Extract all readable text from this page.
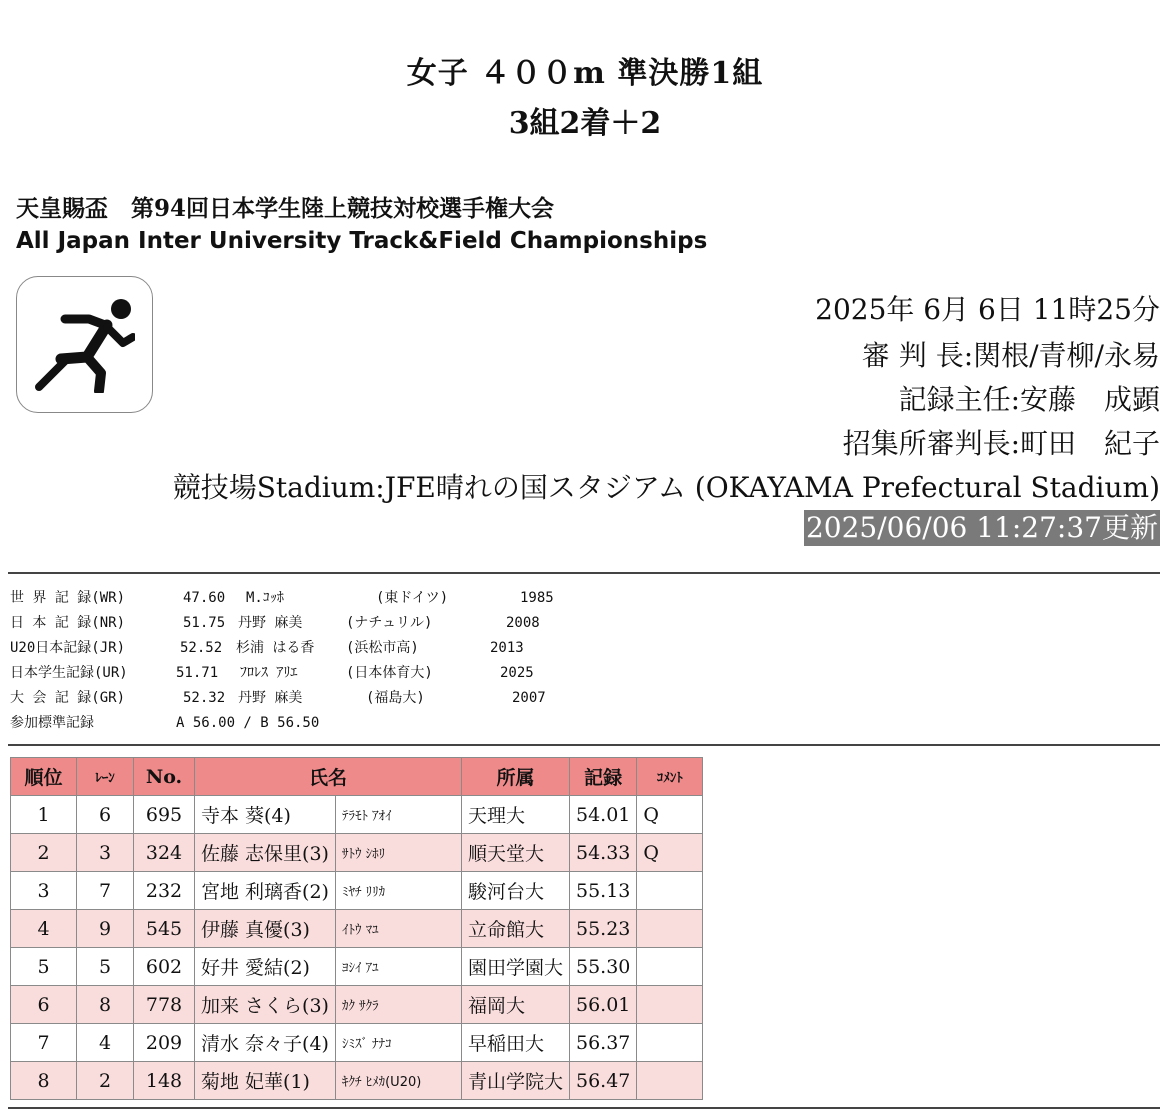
女子 ４００m 準決勝1組
3組2着＋2
天皇賜盃　第94回日本学生陸上競技対校選手権大会
All Japan Inter University Track&Field Championships
2025年 6月 6日 11時25分
審 判 長:関根/青柳/永易
記録主任:安藤　成顕
招集所審判長:町田　紀子
競技場Stadium:JFE晴れの国スタジアム (OKAYAMA Prefectural Stadium)
2025/06/06 11:27:37更新
世 界 記 録(WR)	47.60 M.ｺｯﾎ	(東ドイツ)	1985
日 本 記 録(NR)	51.75 丹野 麻美	(ナチュリル)	2008
U20日本記録(JR)	52.52 杉浦 はる香 (浜松市高)	2013
日本学生記録(UR)	51.71 ﾌﾛﾚｽ ｱﾘｴ	(日本体育大)	2025
大 会 記 録(GR)	52.32 丹野 麻美	(福島大)	2007
参加標準記録	A 56.00 / B 56.50
順位	ﾚｰﾝ	No.	氏名		所属	記録	ｺﾒﾝﾄ
1	6	695	寺本 葵(4)	ﾃﾗﾓﾄ ｱｵｲ	天理大	54.01	Q
2	3	324	佐藤 志保里(3)	ｻﾄｳ ｼﾎﾘ	順天堂大	54.33	Q
3	7	232	宮地 利璃香(2)	ﾐﾔﾁ ﾘﾘｶ	駿河台大	55.13	
4	9	545	伊藤 真優(3)	ｲﾄｳ ﾏﾕ	立命館大	55.23	
5	5	602	好井 愛結(2)	ﾖｼｲ ｱﾕ	園田学園大	55.30	
6	8	778	加来 さくら(3)	ｶｸ ｻｸﾗ	福岡大	56.01	
7	4	209	清水 奈々子(4)	ｼﾐｽﾞ ﾅﾅｺ	早稲田大	56.37	
8	2	148	菊地 妃華(1)	ｷｸﾁ ﾋﾒｶ(U20)	青山学院大	56.47	
